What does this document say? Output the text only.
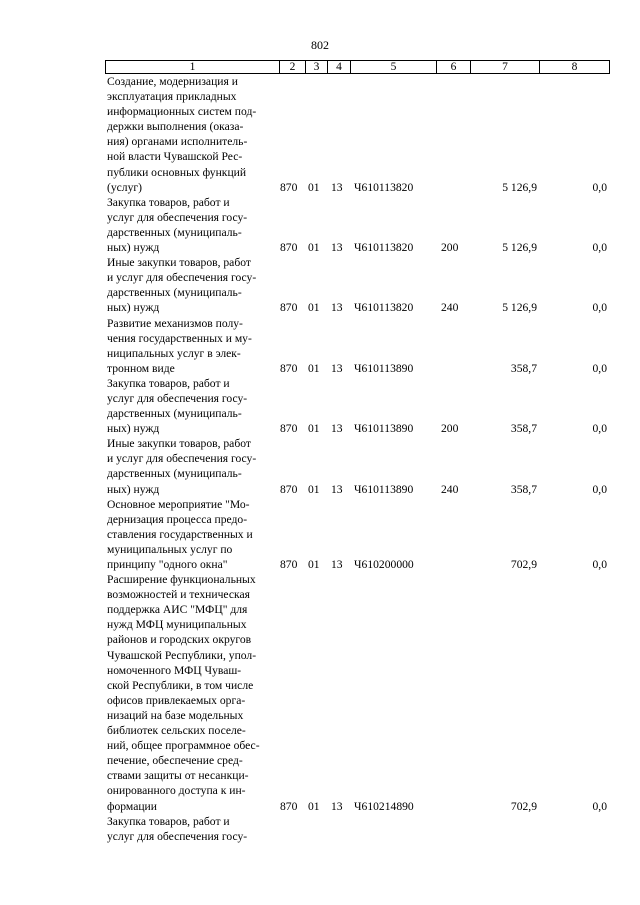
802
1	2	3	4	5	6	7	8
Создание, модернизация и
эксплуатация прикладных
информационных систем под-
держки выполнения (оказа-
ния) органами исполнитель-
ной власти Чувашской Рес-
публики основных функций
(услуг)	870 01 13 Ч610113820	5 126,9	0,0
Закупка товаров, работ и
услуг для обеспечения госу-
дарственных (муниципаль-
ных) нужд	870 01 13 Ч610113820 200	5 126,9	0,0
Иные закупки товаров, работ
и услуг для обеспечения госу-
дарственных (муниципаль-
ных) нужд	870 01 13 Ч610113820 240	5 126,9	0,0
Развитие механизмов полу-
чения государственных и му-
ниципальных услуг в элек-
тронном виде	870 01 13 Ч610113890	358,7	0,0
Закупка товаров, работ и
услуг для обеспечения госу-
дарственных (муниципаль-
ных) нужд	870 01 13 Ч610113890 200	358,7	0,0
Иные закупки товаров, работ
и услуг для обеспечения госу-
дарственных (муниципаль-
ных) нужд	870 01 13 Ч610113890 240	358,7	0,0
Основное мероприятие "Мо-
дернизация процесса предо-
ставления государственных и
муниципальных услуг по
принципу "одного окна"	870 01 13 Ч610200000	702,9	0,0
Расширение функциональных
возможностей и техническая
поддержка АИС "МФЦ" для
нужд МФЦ муниципальных
районов и городских округов
Чувашской Республики, упол-
номоченного МФЦ Чуваш-
ской Республики, в том числе
офисов привлекаемых орга-
низаций на базе модельных
библиотек сельских поселе-
ний, общее программное обес-
печение, обеспечение сред-
ствами защиты от несанкци-
онированного доступа к ин-
формации	870 01 13 Ч610214890	702,9	0,0
Закупка товаров, работ и
услуг для обеспечения госу-
